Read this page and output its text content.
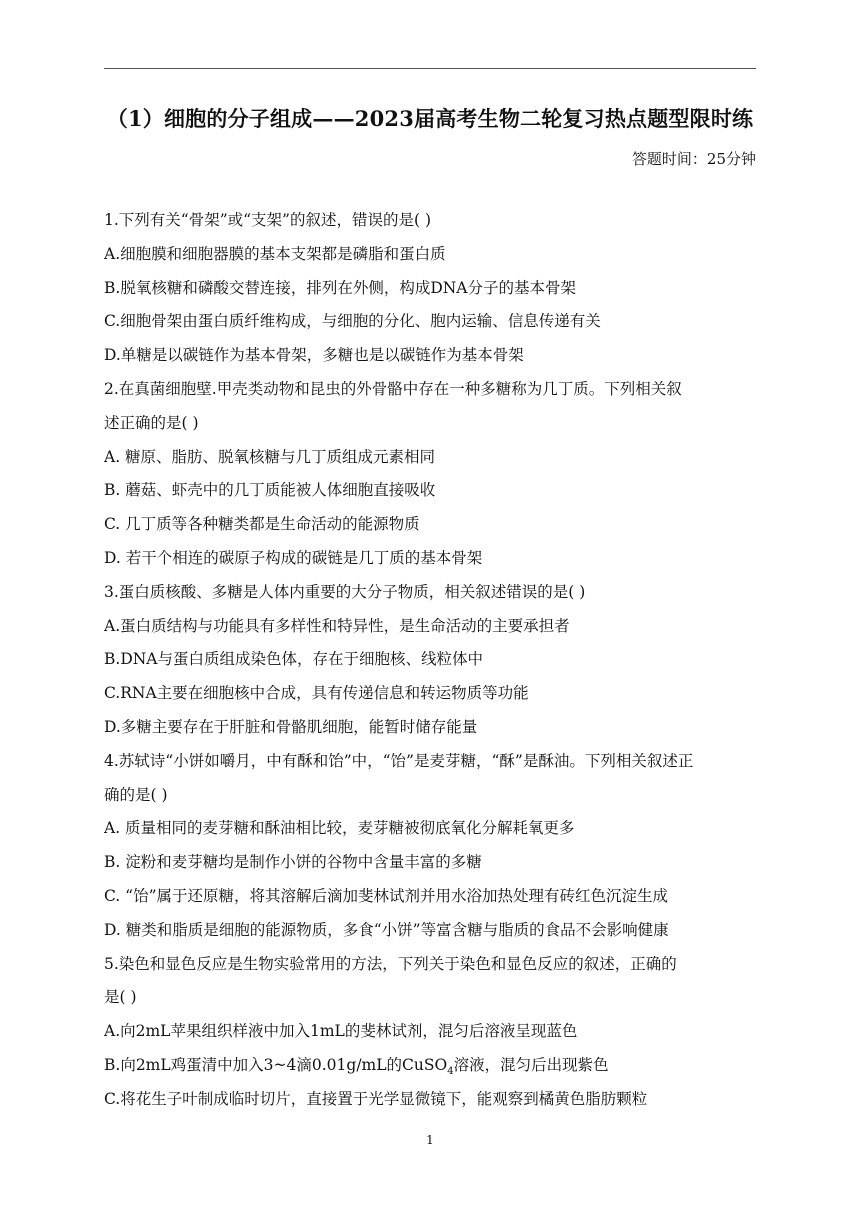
（1）细胞的分子组成——2023届高考生物二轮复习热点题型限时练
答题时间：25分钟
1.下列有关“骨架”或“支架”的叙述，错误的是( )
A.细胞膜和细胞器膜的基本支架都是磷脂和蛋白质
B.脱氧核糖和磷酸交替连接，排列在外侧，构成DNA分子的基本骨架
C.细胞骨架由蛋白质纤维构成，与细胞的分化、胞内运输、信息传递有关
D.单糖是以碳链作为基本骨架，多糖也是以碳链作为基本骨架
2.在真菌细胞壁.甲壳类动物和昆虫的外骨骼中存在一种多糖称为几丁质。下列相关叙
述正确的是( )
A. 糖原、脂肪、脱氧核糖与几丁质组成元素相同
B. 蘑菇、虾壳中的几丁质能被人体细胞直接吸收
C. 几丁质等各种糖类都是生命活动的能源物质
D. 若干个相连的碳原子构成的碳链是几丁质的基本骨架
3.蛋白质核酸、多糖是人体内重要的大分子物质，相关叙述错误的是( )
A.蛋白质结构与功能具有多样性和特异性，是生命活动的主要承担者
B.DNA与蛋白质组成染色体，存在于细胞核、线粒体中
C.RNA主要在细胞核中合成，具有传递信息和转运物质等功能
D.多糖主要存在于肝脏和骨骼肌细胞，能暂时储存能量
4.苏轼诗“小饼如嚼月，中有酥和饴”中，“饴”是麦芽糖，“酥”是酥油。下列相关叙述正
确的是( )
A. 质量相同的麦芽糖和酥油相比较，麦芽糖被彻底氧化分解耗氧更多
B. 淀粉和麦芽糖均是制作小饼的谷物中含量丰富的多糖
C. “饴”属于还原糖，将其溶解后滴加斐林试剂并用水浴加热处理有砖红色沉淀生成
D. 糖类和脂质是细胞的能源物质，多食“小饼”等富含糖与脂质的食品不会影响健康
5.染色和显色反应是生物实验常用的方法，下列关于染色和显色反应的叙述，正确的
是( )
A.向2mL苹果组织样液中加入1mL的斐林试剂，混匀后溶液呈现蓝色
B.向2mL鸡蛋清中加入3~4滴0.01g/mL的CuSO$_4$溶液，混匀后出现紫色
C.将花生子叶制成临时切片，直接置于光学显微镜下，能观察到橘黄色脂肪颗粒
1
